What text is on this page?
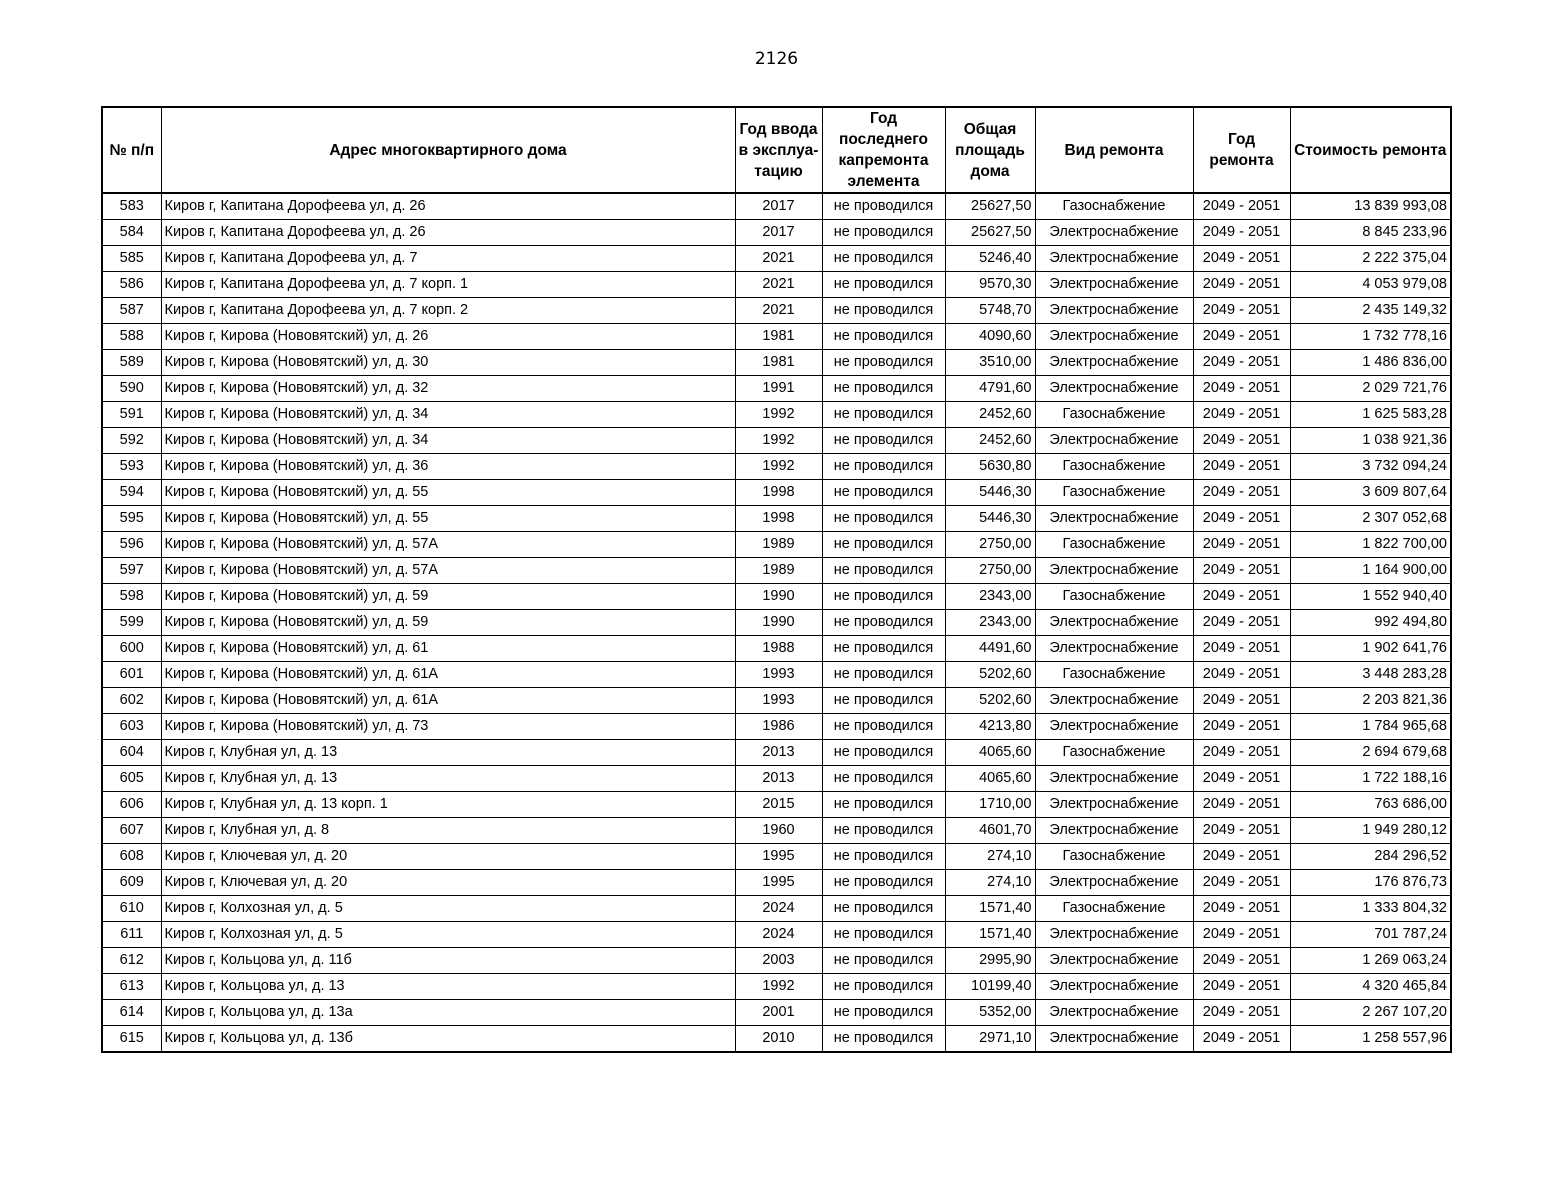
2126
№ п/п	Адрес многоквартирного дома	Год ввода в эксплуа-тацию	Год последнего капремонта элемента	Общая площадь дома	Вид ремонта	Год ремонта	Стоимость ремонта
583	Киров г, Капитана Дорофеева ул, д. 26	2017	не проводился	25627,50	Газоснабжение	2049 - 2051	13 839 993,08
584	Киров г, Капитана Дорофеева ул, д. 26	2017	не проводился	25627,50	Электроснабжение	2049 - 2051	8 845 233,96
585	Киров г, Капитана Дорофеева ул, д. 7	2021	не проводился	5246,40	Электроснабжение	2049 - 2051	2 222 375,04
586	Киров г, Капитана Дорофеева ул, д. 7 корп. 1	2021	не проводился	9570,30	Электроснабжение	2049 - 2051	4 053 979,08
587	Киров г, Капитана Дорофеева ул, д. 7 корп. 2	2021	не проводился	5748,70	Электроснабжение	2049 - 2051	2 435 149,32
588	Киров г, Кирова (Нововятский) ул, д. 26	1981	не проводился	4090,60	Электроснабжение	2049 - 2051	1 732 778,16
589	Киров г, Кирова (Нововятский) ул, д. 30	1981	не проводился	3510,00	Электроснабжение	2049 - 2051	1 486 836,00
590	Киров г, Кирова (Нововятский) ул, д. 32	1991	не проводился	4791,60	Электроснабжение	2049 - 2051	2 029 721,76
591	Киров г, Кирова (Нововятский) ул, д. 34	1992	не проводился	2452,60	Газоснабжение	2049 - 2051	1 625 583,28
592	Киров г, Кирова (Нововятский) ул, д. 34	1992	не проводился	2452,60	Электроснабжение	2049 - 2051	1 038 921,36
593	Киров г, Кирова (Нововятский) ул, д. 36	1992	не проводился	5630,80	Газоснабжение	2049 - 2051	3 732 094,24
594	Киров г, Кирова (Нововятский) ул, д. 55	1998	не проводился	5446,30	Газоснабжение	2049 - 2051	3 609 807,64
595	Киров г, Кирова (Нововятский) ул, д. 55	1998	не проводился	5446,30	Электроснабжение	2049 - 2051	2 307 052,68
596	Киров г, Кирова (Нововятский) ул, д. 57А	1989	не проводился	2750,00	Газоснабжение	2049 - 2051	1 822 700,00
597	Киров г, Кирова (Нововятский) ул, д. 57А	1989	не проводился	2750,00	Электроснабжение	2049 - 2051	1 164 900,00
598	Киров г, Кирова (Нововятский) ул, д. 59	1990	не проводился	2343,00	Газоснабжение	2049 - 2051	1 552 940,40
599	Киров г, Кирова (Нововятский) ул, д. 59	1990	не проводился	2343,00	Электроснабжение	2049 - 2051	992 494,80
600	Киров г, Кирова (Нововятский) ул, д. 61	1988	не проводился	4491,60	Электроснабжение	2049 - 2051	1 902 641,76
601	Киров г, Кирова (Нововятский) ул, д. 61А	1993	не проводился	5202,60	Газоснабжение	2049 - 2051	3 448 283,28
602	Киров г, Кирова (Нововятский) ул, д. 61А	1993	не проводился	5202,60	Электроснабжение	2049 - 2051	2 203 821,36
603	Киров г, Кирова (Нововятский) ул, д. 73	1986	не проводился	4213,80	Электроснабжение	2049 - 2051	1 784 965,68
604	Киров г, Клубная ул, д. 13	2013	не проводился	4065,60	Газоснабжение	2049 - 2051	2 694 679,68
605	Киров г, Клубная ул, д. 13	2013	не проводился	4065,60	Электроснабжение	2049 - 2051	1 722 188,16
606	Киров г, Клубная ул, д. 13 корп. 1	2015	не проводился	1710,00	Электроснабжение	2049 - 2051	763 686,00
607	Киров г, Клубная ул, д. 8	1960	не проводился	4601,70	Электроснабжение	2049 - 2051	1 949 280,12
608	Киров г, Ключевая ул, д. 20	1995	не проводился	274,10	Газоснабжение	2049 - 2051	284 296,52
609	Киров г, Ключевая ул, д. 20	1995	не проводился	274,10	Электроснабжение	2049 - 2051	176 876,73
610	Киров г, Колхозная ул, д. 5	2024	не проводился	1571,40	Газоснабжение	2049 - 2051	1 333 804,32
611	Киров г, Колхозная ул, д. 5	2024	не проводился	1571,40	Электроснабжение	2049 - 2051	701 787,24
612	Киров г, Кольцова ул, д. 11б	2003	не проводился	2995,90	Электроснабжение	2049 - 2051	1 269 063,24
613	Киров г, Кольцова ул, д. 13	1992	не проводился	10199,40	Электроснабжение	2049 - 2051	4 320 465,84
614	Киров г, Кольцова ул, д. 13а	2001	не проводился	5352,00	Электроснабжение	2049 - 2051	2 267 107,20
615	Киров г, Кольцова ул, д. 13б	2010	не проводился	2971,10	Электроснабжение	2049 - 2051	1 258 557,96
